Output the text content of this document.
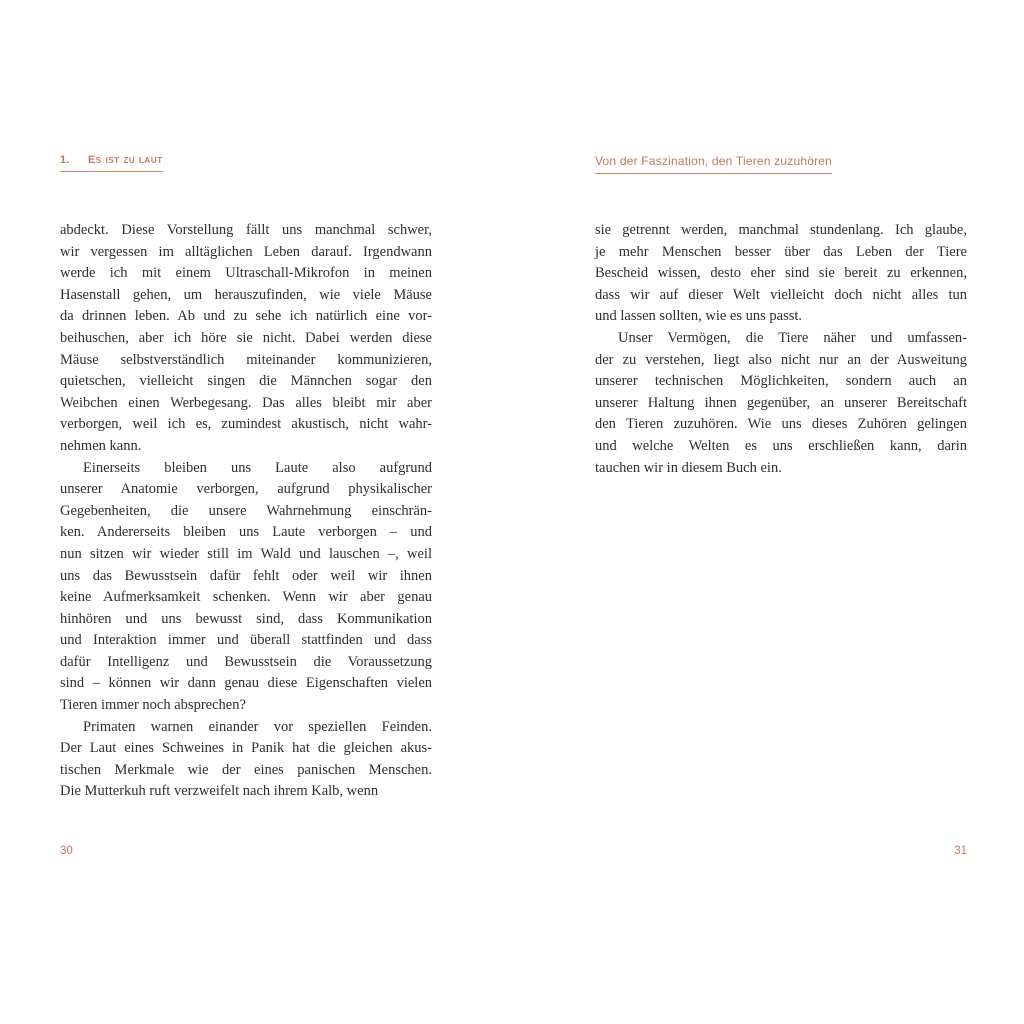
1. Es ist zu laut
abdeckt. Diese Vorstellung fällt uns manchmal schwer,
wir vergessen im alltäglichen Leben darauf. Irgendwann
werde ich mit einem Ultraschall-Mikrofon in meinen
Hasenstall gehen, um herauszufinden, wie viele Mäuse
da drinnen leben. Ab und zu sehe ich natürlich eine vor-
beihuschen, aber ich höre sie nicht. Dabei werden diese
Mäuse selbstverständlich miteinander kommunizieren,
quietschen, vielleicht singen die Männchen sogar den
Weibchen einen Werbegesang. Das alles bleibt mir aber
verborgen, weil ich es, zumindest akustisch, nicht wahr-
nehmen kann.
Einerseits bleiben uns Laute also aufgrund
unserer Anatomie verborgen, aufgrund physikalischer
Gegebenheiten, die unsere Wahrnehmung einschrän-
ken. Andererseits bleiben uns Laute verborgen – und
nun sitzen wir wieder still im Wald und lauschen –, weil
uns das Bewusstsein dafür fehlt oder weil wir ihnen
keine Aufmerksamkeit schenken. Wenn wir aber genau
hinhören und uns bewusst sind, dass Kommunikation
und Interaktion immer und überall stattfinden und dass
dafür Intelligenz und Bewusstsein die Voraussetzung
sind – können wir dann genau diese Eigenschaften vielen
Tieren immer noch absprechen?
Primaten warnen einander vor speziellen Feinden.
Der Laut eines Schweines in Panik hat die gleichen akus-
tischen Merkmale wie der eines panischen Menschen.
Die Mutterkuh ruft verzweifelt nach ihrem Kalb, wenn
30
Von der Faszination, den Tieren zuzuhören
sie getrennt werden, manchmal stundenlang. Ich glaube,
je mehr Menschen besser über das Leben der Tiere
Bescheid wissen, desto eher sind sie bereit zu erkennen,
dass wir auf dieser Welt vielleicht doch nicht alles tun
und lassen sollten, wie es uns passt.
Unser Vermögen, die Tiere näher und umfassen-
der zu verstehen, liegt also nicht nur an der Ausweitung
unserer technischen Möglichkeiten, sondern auch an
unserer Haltung ihnen gegenüber, an unserer Bereitschaft
den Tieren zuzuhören. Wie uns dieses Zuhören gelingen
und welche Welten es uns erschließen kann, darin
tauchen wir in diesem Buch ein.
31
